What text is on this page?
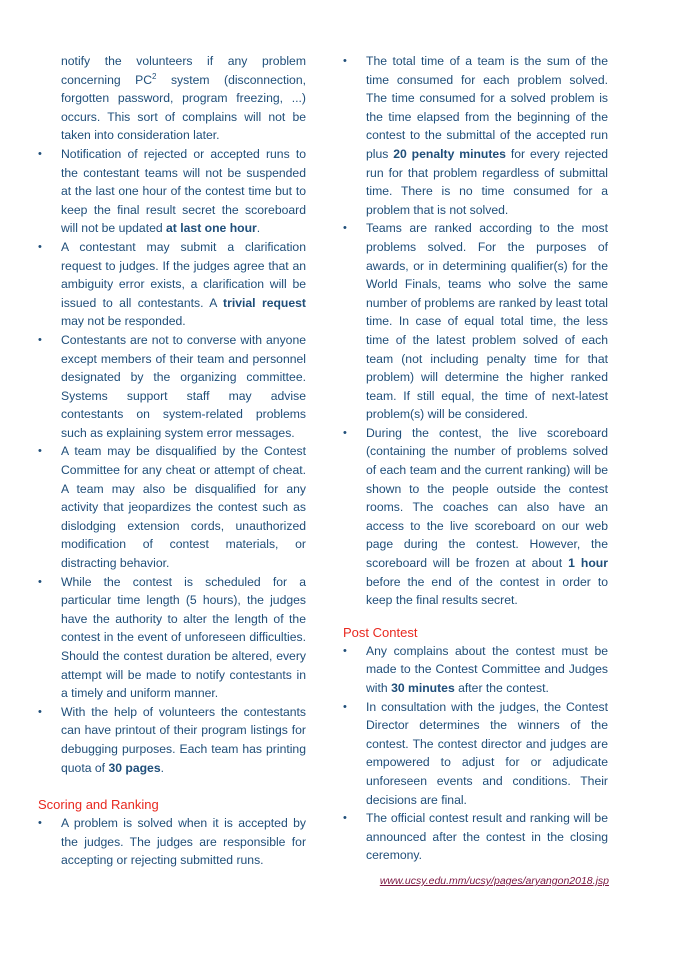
notify the volunteers if any problem concerning $PC^2$ system (disconnection, forgotten password, program freezing, ...) occurs. This sort of complains will not be taken into consideration later.
• Notification of rejected or accepted runs to the contestant teams will not be suspended at the last one hour of the contest time but to keep the final result secret the scoreboard will not be updated at last one hour.
• A contestant may submit a clarification request to judges. If the judges agree that an ambiguity error exists, a clarification will be issued to all contestants. A trivial request may not be responded.
• Contestants are not to converse with anyone except members of their team and personnel designated by the organizing committee. Systems support staff may advise contestants on system-related problems such as explaining system error messages.
• A team may be disqualified by the Contest Committee for any cheat or attempt of cheat. A team may also be disqualified for any activity that jeopardizes the contest such as dislodging extension cords, unauthorized modification of contest materials, or distracting behavior.
• While the contest is scheduled for a particular time length (5 hours), the judges have the authority to alter the length of the contest in the event of unforeseen difficulties. Should the contest duration be altered, every attempt will be made to notify contestants in a timely and uniform manner.
• With the help of volunteers the contestants can have printout of their program listings for debugging purposes. Each team has printing quota of 30 pages.
Scoring and Ranking
• A problem is solved when it is accepted by the judges. The judges are responsible for accepting or rejecting submitted runs.
• The total time of a team is the sum of the time consumed for each problem solved. The time consumed for a solved problem is the time elapsed from the beginning of the contest to the submittal of the accepted run plus 20 penalty minutes for every rejected run for that problem regardless of submittal time. There is no time consumed for a problem that is not solved.
• Teams are ranked according to the most problems solved. For the purposes of awards, or in determining qualifier(s) for the World Finals, teams who solve the same number of problems are ranked by least total time. In case of equal total time, the less time of the latest problem solved of each team (not including penalty time for that problem) will determine the higher ranked team. If still equal, the time of next-latest problem(s) will be considered.
• During the contest, the live scoreboard (containing the number of problems solved of each team and the current ranking) will be shown to the people outside the contest rooms. The coaches can also have an access to the live scoreboard on our web page during the contest. However, the scoreboard will be frozen at about 1 hour before the end of the contest in order to keep the final results secret.
Post Contest
• Any complains about the contest must be made to the Contest Committee and Judges with 30 minutes after the contest.
• In consultation with the judges, the Contest Director determines the winners of the contest. The contest director and judges are empowered to adjust for or adjudicate unforeseen events and conditions. Their decisions are final.
• The official contest result and ranking will be announced after the contest in the closing ceremony.
www.ucsy.edu.mm/ucsy/pages/aryangon2018.jsp
